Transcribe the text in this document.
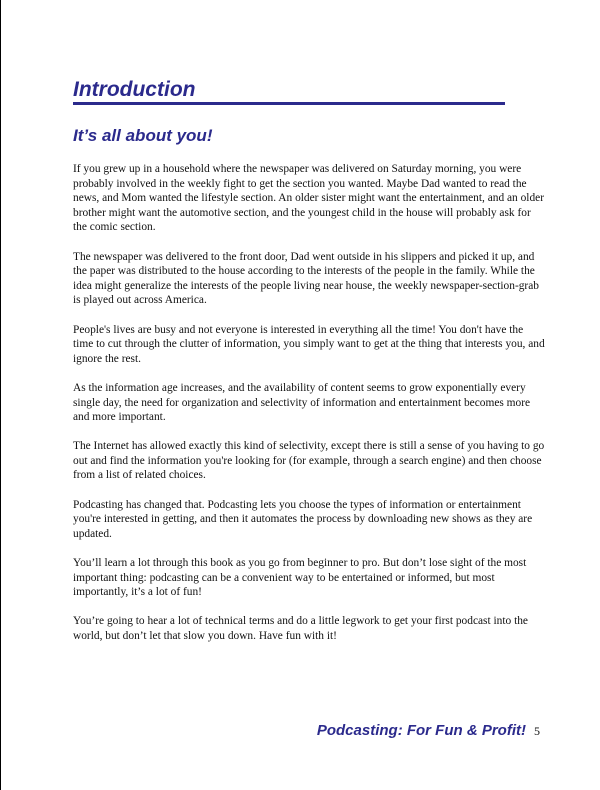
Introduction
It’s all about you!

If you grew up in a household where the newspaper was delivered on Saturday morning, you were probably involved in the weekly fight to get the section you wanted. Maybe Dad wanted to read the news, and Mom wanted the lifestyle section. An older sister might want the entertainment, and an older brother might want the automotive section, and the youngest child in the house will probably ask for the comic section.

The newspaper was delivered to the front door, Dad went outside in his slippers and picked it up, and the paper was distributed to the house according to the interests of the people in the family. While the idea might generalize the interests of the people living near house, the weekly newspaper-section-grab is played out across America.

People's lives are busy and not everyone is interested in everything all the time! You don't have the time to cut through the clutter of information, you simply want to get at the thing that interests you, and ignore the rest.

As the information age increases, and the availability of content seems to grow exponentially every single day, the need for organization and selectivity of information and entertainment becomes more and more important.

The Internet has allowed exactly this kind of selectivity, except there is still a sense of you having to go out and find the information you're looking for (for example, through a search engine) and then choose from a list of related choices.

Podcasting has changed that. Podcasting lets you choose the types of information or entertainment you're interested in getting, and then it automates the process by downloading new shows as they are updated.

You’ll learn a lot through this book as you go from beginner to pro. But don’t lose sight of the most important thing: podcasting can be a convenient way to be entertained or informed, but most importantly, it’s a lot of fun!

You’re going to hear a lot of technical terms and do a little legwork to get your first podcast into the world, but don’t let that slow you down. Have fun with it!

Podcasting: For Fun & Profit! 5
